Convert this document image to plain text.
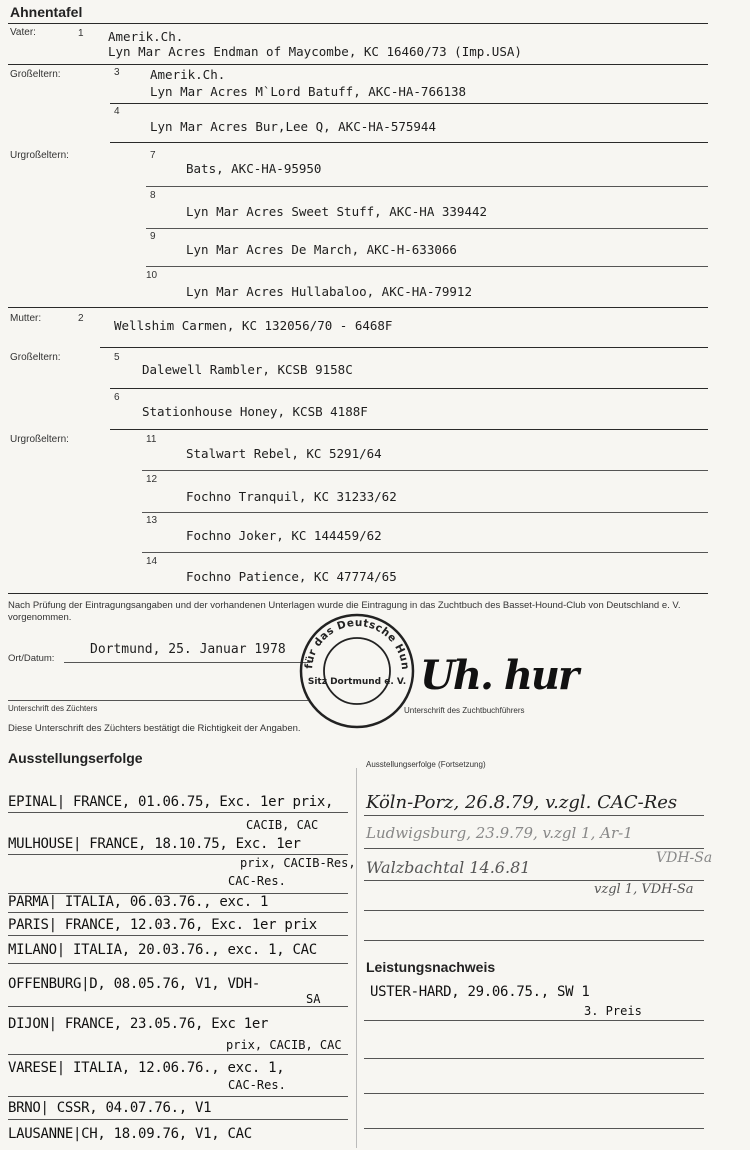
Ahnentafel
Vater:	1 Amerik.Ch.
Lyn Mar Acres Endman of Maycombe, KC 16460/73 (Imp.USA)
Großeltern:	3 Amerik.Ch.
Lyn Mar Acres M`Lord Batuff, AKC-HA-766138
4
Lyn Mar Acres Bur,Lee Q, AKC-HA-575944
Urgroßeltern:	7
Bats, AKC-HA-95950
8
Lyn Mar Acres Sweet Stuff, AKC-HA 339442
9
Lyn Mar Acres De March, AKC-H-633066
10
Lyn Mar Acres Hullabaloo, AKC-HA-79912
Mutter:	2 Wellshim Carmen, KC 132056/70 - 6468F
Großeltern:	5
Dalewell Rambler, KCSB 9158C
6
Stationhouse Honey, KCSB 4188F
Urgroßeltern:	11
Stalwart Rebel, KC 5291/64
12
Fochno Tranquil, KC 31233/62
13
Fochno Joker, KC 144459/62
14
Fochno Patience, KC 47774/65
Nach Prüfung der Eintragungsangaben und der vorhandenen Unterlagen wurde die Eintragung in das Zuchtbuch des Basset-Hound-Club von Deutschland e. V. vorgenommen.
Ort/Datum:
Dortmund, 25. Januar 1978
für das Deutsche Hun
Sitz Dortmund e. V. Uh. hur
Unterschrift des Züchters	Unterschrift des Zuchtbuchführers
Diese Unterschrift des Züchters bestätigt die Richtigkeit der Angaben.
Ausstellungserfolge
EPINAL| FRANCE, 01.06.75, Exc. 1er prix,
CACIB, CAC
MULHOUSE| FRANCE, 18.10.75, Exc. 1er
prix, CACIB-Res,
CAC-Res.
PARMA| ITALIA, 06.03.76., exc. 1
PARIS| FRANCE, 12.03.76, Exc. 1er prix
MILANO| ITALIA, 20.03.76., exc. 1, CAC
OFFENBURG|D, 08.05.76, V1, VDH-
SA
DIJON| FRANCE, 23.05.76, Exc 1er
prix, CACIB, CAC
VARESE| ITALIA, 12.06.76., exc. 1,
CAC-Res.
BRNO| CSSR, 04.07.76., V1
LAUSANNE|CH, 18.09.76, V1, CAC
Ausstellungserfolge (Fortsetzung)
Köln-Porz, 26.8.79, v.zgl. CAC-Res
Ludwigsburg, 23.9.79, v.zgl 1, Ar-1
VDH-Sa
Walzbachtal 14.6.81
vzgl 1, VDH-Sa
Leistungsnachweis
USTER-HARD, 29.06.75., SW 1
3. Preis
